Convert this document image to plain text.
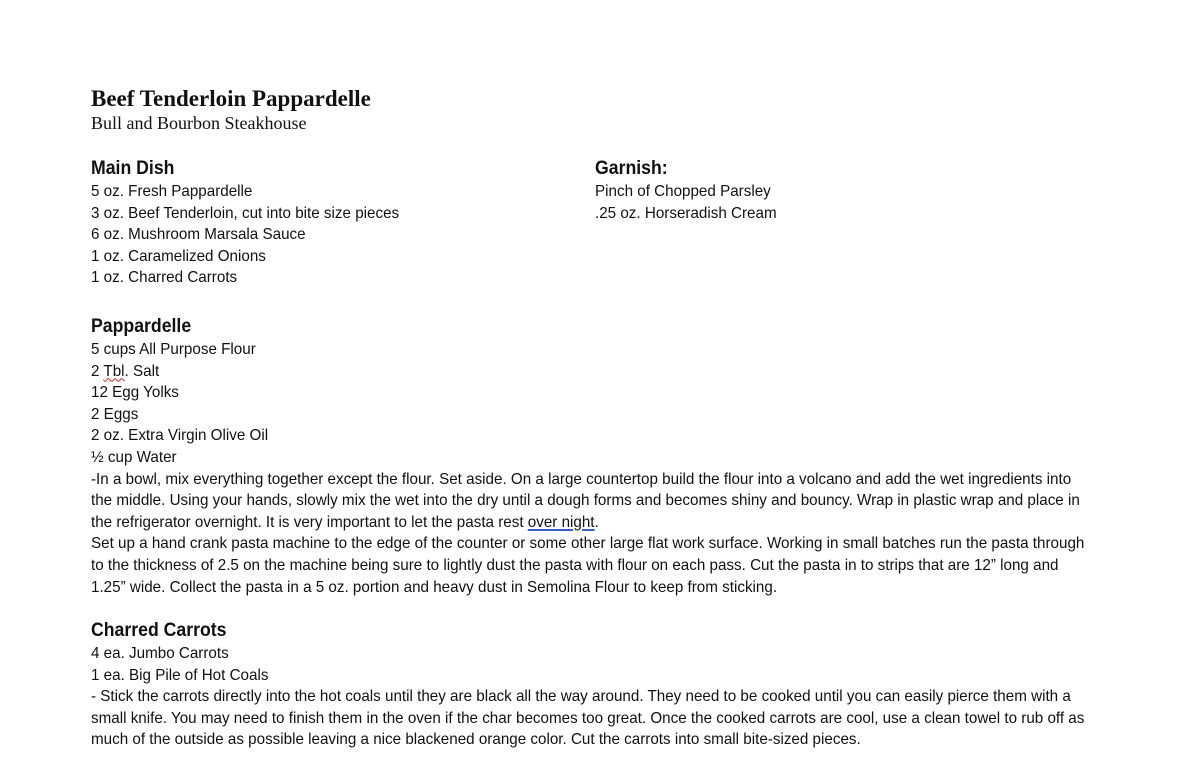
Beef Tenderloin Pappardelle
Bull and Bourbon Steakhouse
Main Dish
5 oz. Fresh Pappardelle
3 oz. Beef Tenderloin, cut into bite size pieces
6 oz. Mushroom Marsala Sauce
1 oz. Caramelized Onions
1 oz. Charred Carrots
Garnish:
Pinch of Chopped Parsley
.25 oz. Horseradish Cream
Pappardelle
5 cups All Purpose Flour
2 Tbl. Salt
12 Egg Yolks
2 Eggs
2 oz. Extra Virgin Olive Oil
½ cup Water
-In a bowl, mix everything together except the flour. Set aside. On a large countertop build the flour into a volcano and add the wet ingredients into
the middle. Using your hands, slowly mix the wet into the dry until a dough forms and becomes shiny and bouncy. Wrap in plastic wrap and place in
the refrigerator overnight. It is very important to let the pasta rest over night.
Set up a hand crank pasta machine to the edge of the counter or some other large flat work surface. Working in small batches run the pasta through
to the thickness of 2.5 on the machine being sure to lightly dust the pasta with flour on each pass. Cut the pasta in to strips that are 12” long and
1.25” wide. Collect the pasta in a 5 oz. portion and heavy dust in Semolina Flour to keep from sticking.
Charred Carrots
4 ea. Jumbo Carrots
1 ea. Big Pile of Hot Coals
- Stick the carrots directly into the hot coals until they are black all the way around. They need to be cooked until you can easily pierce them with a
small knife. You may need to finish them in the oven if the char becomes too great. Once the cooked carrots are cool, use a clean towel to rub off as
much of the outside as possible leaving a nice blackened orange color. Cut the carrots into small bite-sized pieces.
